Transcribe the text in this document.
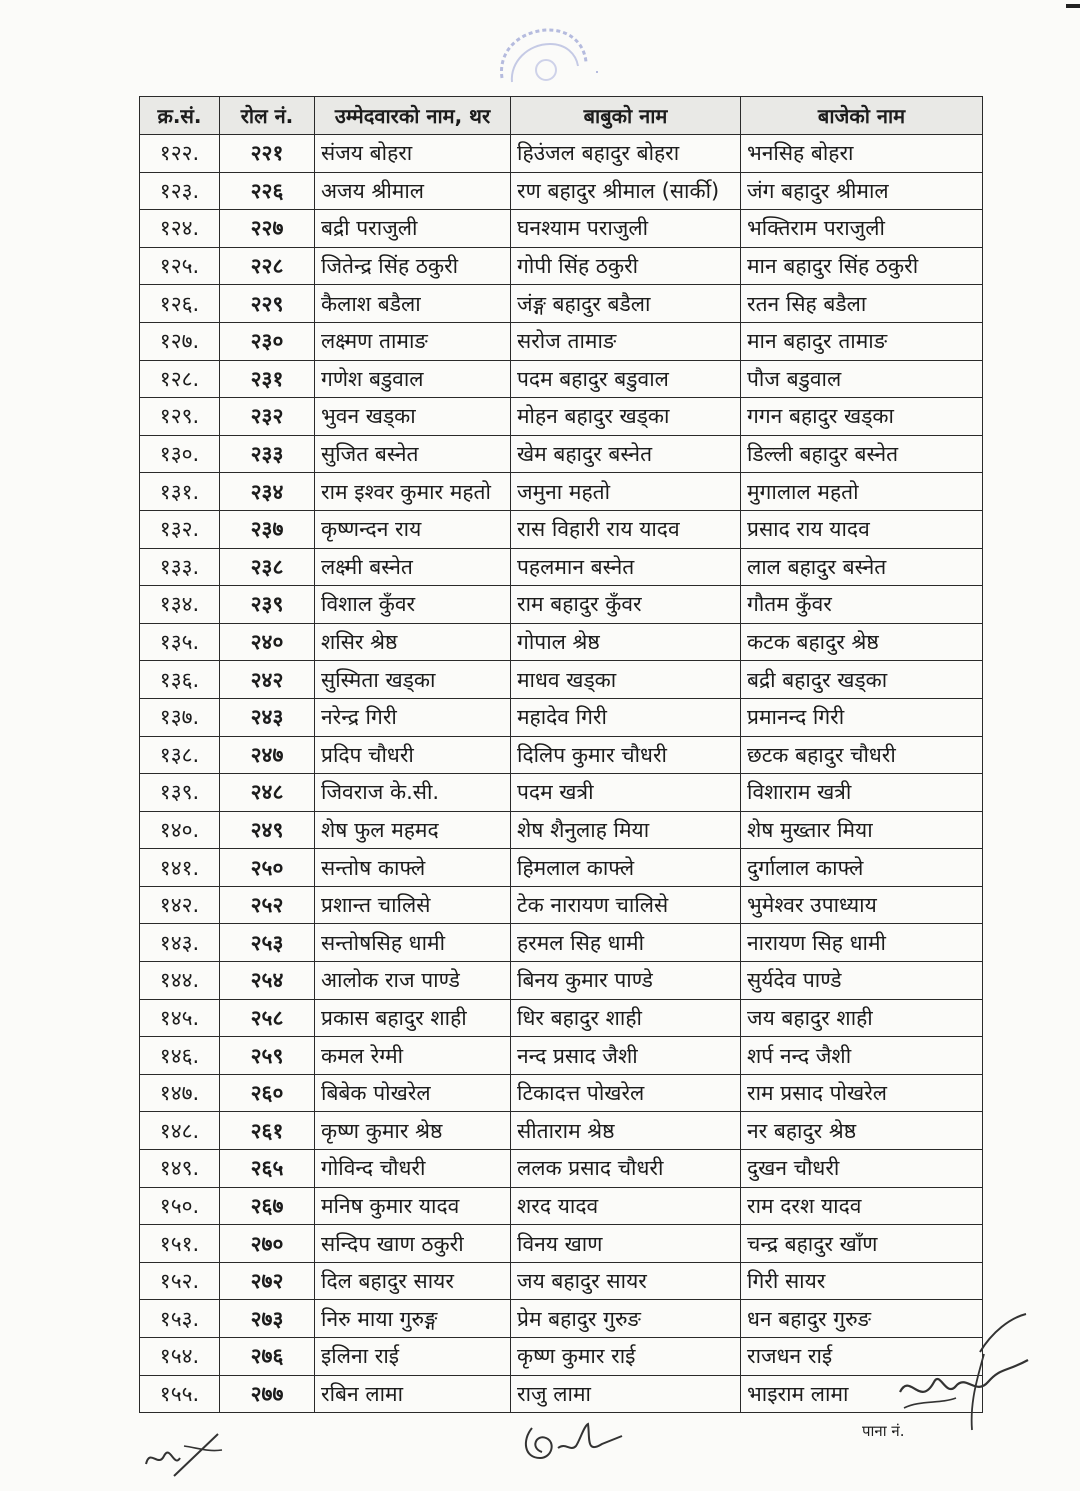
क्र.सं.	रोल नं.	उम्मेदवारको नाम, थर	बाबुको नाम	बाजेको नाम
१२२.	२२१	संजय बोहरा	हिउंजल बहादुर बोहरा	भनसिह बोहरा
१२३.	२२६	अजय श्रीमाल	रण बहादुर श्रीमाल (सार्की)	जंग बहादुर श्रीमाल
१२४.	२२७	बद्री पराजुली	घनश्याम पराजुली	भक्तिराम पराजुली
१२५.	२२८	जितेन्द्र सिंह ठकुरी	गोपी सिंह ठकुरी	मान बहादुर सिंह ठकुरी
१२६.	२२९	कैलाश बडैला	जंङ्ग बहादुर बडैला	रतन सिह बडैला
१२७.	२३०	लक्ष्मण तामाङ	सरोज तामाङ	मान बहादुर तामाङ
१२८.	२३१	गणेश बडुवाल	पदम बहादुर बडुवाल	पौज बडुवाल
१२९.	२३२	भुवन खड्का	मोहन बहादुर खड्का	गगन बहादुर खड्का
१३०.	२३३	सुजित बस्नेत	खेम बहादुर बस्नेत	डिल्ली बहादुर बस्नेत
१३१.	२३४	राम इश्वर कुमार महतो	जमुना महतो	मुगालाल महतो
१३२.	२३७	कृष्णन्दन राय	रास विहारी राय यादव	प्रसाद राय यादव
१३३.	२३८	लक्ष्मी बस्नेत	पहलमान बस्नेत	लाल बहादुर बस्नेत
१३४.	२३९	विशाल कुँवर	राम बहादुर कुँवर	गौतम कुँवर
१३५.	२४०	शसिर श्रेष्ठ	गोपाल श्रेष्ठ	कटक बहादुर श्रेष्ठ
१३६.	२४२	सुस्मिता खड्का	माधव खड्का	बद्री बहादुर खड्का
१३७.	२४३	नरेन्द्र गिरी	महादेव गिरी	प्रमानन्द गिरी
१३८.	२४७	प्रदिप चौधरी	दिलिप कुमार चौधरी	छटक बहादुर चौधरी
१३९.	२४८	जिवराज के.सी.	पदम खत्री	विशाराम खत्री
१४०.	२४९	शेष फुल महमद	शेष शैनुलाह मिया	शेष मुख्तार मिया
१४१.	२५०	सन्तोष काफ्ले	हिमलाल काफ्ले	दुर्गालाल काफ्ले
१४२.	२५२	प्रशान्त चालिसे	टेक नारायण चालिसे	भुमेश्वर उपाध्याय
१४३.	२५३	सन्तोषसिह धामी	हरमल सिह धामी	नारायण सिह धामी
१४४.	२५४	आलोक राज पाण्डे	बिनय कुमार पाण्डे	सुर्यदेव पाण्डे
१४५.	२५८	प्रकास बहादुर शाही	धिर बहादुर शाही	जय बहादुर शाही
१४६.	२५९	कमल रेग्मी	नन्द प्रसाद जैशी	शर्प नन्द जैशी
१४७.	२६०	बिबेक पोखरेल	टिकादत्त पोखरेल	राम प्रसाद पोखरेल
१४८.	२६१	कृष्ण कुमार श्रेष्ठ	सीताराम श्रेष्ठ	नर बहादुर श्रेष्ठ
१४९.	२६५	गोविन्द चौधरी	ललक प्रसाद चौधरी	दुखन चौधरी
१५०.	२६७	मनिष कुमार यादव	शरद यादव	राम दरश यादव
१५१.	२७०	सन्दिप खाण ठकुरी	विनय खाण	चन्द्र बहादुर खाँण
१५२.	२७२	दिल बहादुर सायर	जय बहादुर सायर	गिरी सायर
१५३.	२७३	निरु माया गुरुङ्ग	प्रेम बहादुर गुरुङ	धन बहादुर गुरुङ
१५४.	२७६	इलिना राई	कृष्ण कुमार राई	राजधन राई
१५५.	२७७	रबिन लामा	राजु लामा	भाइराम लामा
पाना नं.
